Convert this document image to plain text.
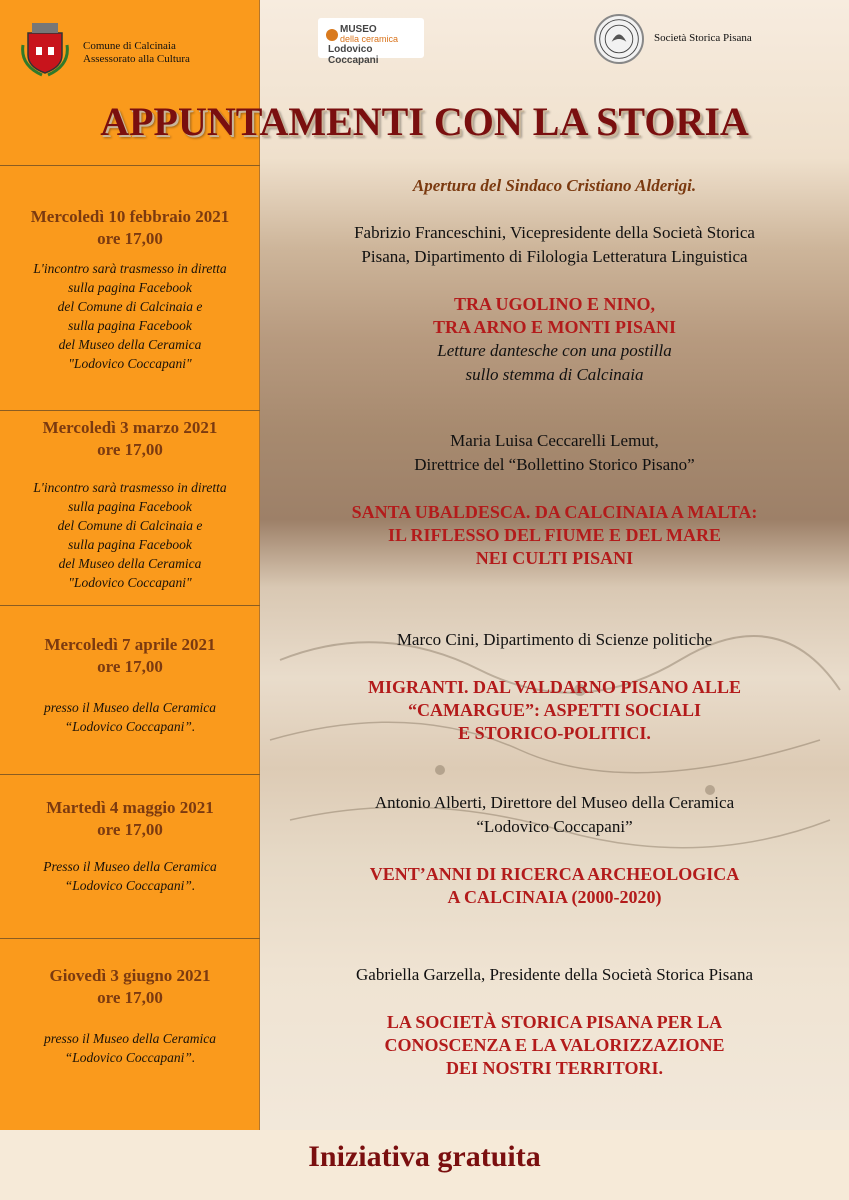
Comune di Calcinaia
Assessorato alla Cultura
MUSEO
della ceramica
Lodovico Coccapani
Società Storica Pisana
APPUNTAMENTI CON LA STORIA
Mercoledì 10 febbraio 2021
ore 17,00
L'incontro sarà trasmesso in diretta
sulla pagina Facebook
del Comune di Calcinaia e
sulla pagina Facebook
del Museo della Ceramica
"Lodovico Coccapani"
Apertura del Sindaco Cristiano Alderigi.
Fabrizio Franceschini, Vicepresidente della Società Storica
Pisana, Dipartimento di Filologia Letteratura Linguistica
TRA UGOLINO E NINO,
TRA ARNO E MONTI PISANI
Letture dantesche con una postilla
sullo stemma di Calcinaia
Mercoledì 3 marzo 2021
ore 17,00
L'incontro sarà trasmesso in diretta
sulla pagina Facebook
del Comune di Calcinaia e
sulla pagina Facebook
del Museo della Ceramica
"Lodovico Coccapani"
Maria Luisa Ceccarelli Lemut,
Direttrice del “Bollettino Storico Pisano”
SANTA UBALDESCA. DA CALCINAIA A MALTA:
IL RIFLESSO DEL FIUME E DEL MARE
NEI CULTI PISANI
Mercoledì 7 aprile 2021
ore 17,00
presso il Museo della Ceramica
“Lodovico Coccapani”.
Marco Cini, Dipartimento di Scienze politiche
MIGRANTI. DAL VALDARNO PISANO ALLE
“CAMARGUE”: ASPETTI SOCIALI
E STORICO-POLITICI.
Martedì 4 maggio 2021
ore 17,00
Presso il Museo della Ceramica
“Lodovico Coccapani”.
Antonio Alberti, Direttore del Museo della Ceramica
“Lodovico Coccapani”
VENT’ANNI DI RICERCA ARCHEOLOGICA
A CALCINAIA (2000-2020)
Giovedì 3 giugno 2021
ore 17,00
presso il Museo della Ceramica
“Lodovico Coccapani”.
Gabriella Garzella, Presidente della Società Storica Pisana
LA SOCIETÀ STORICA PISANA PER LA
CONOSCENZA E LA VALORIZZAZIONE
DEI NOSTRI TERRITORI.
Iniziativa gratuita
